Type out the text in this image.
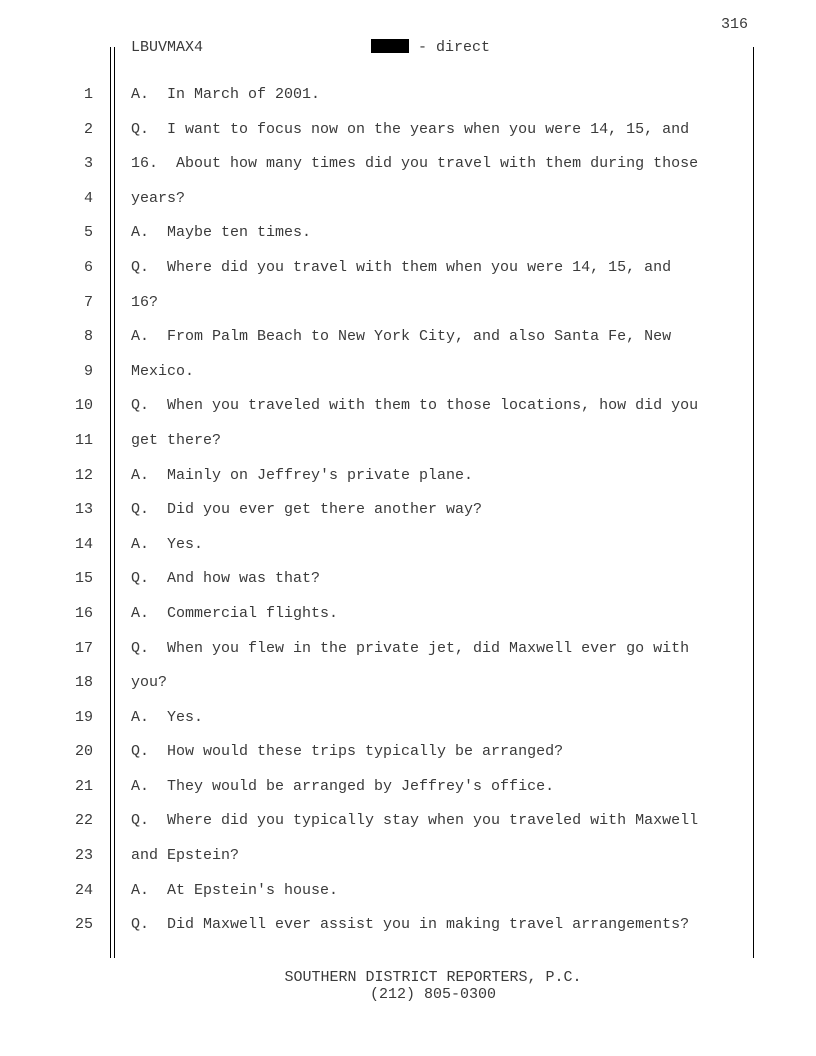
316
LBUVMAX4	- direct
1	A.  In March of 2001.
2	Q.  I want to focus now on the years when you were 14, 15, and
3	16.  About how many times did you travel with them during those
4	years?
5	A.  Maybe ten times.
6	Q.  Where did you travel with them when you were 14, 15, and
7	16?
8	A.  From Palm Beach to New York City, and also Santa Fe, New
9	Mexico.
10	Q.  When you traveled with them to those locations, how did you
11	get there?
12	A.  Mainly on Jeffrey's private plane.
13	Q.  Did you ever get there another way?
14	A.  Yes.
15	Q.  And how was that?
16	A.  Commercial flights.
17	Q.  When you flew in the private jet, did Maxwell ever go with
18	you?
19	A.  Yes.
20	Q.  How would these trips typically be arranged?
21	A.  They would be arranged by Jeffrey's office.
22	Q.  Where did you typically stay when you traveled with Maxwell
23	and Epstein?
24	A.  At Epstein's house.
25	Q.  Did Maxwell ever assist you in making travel arrangements?
SOUTHERN DISTRICT REPORTERS, P.C.
(212) 805-0300
